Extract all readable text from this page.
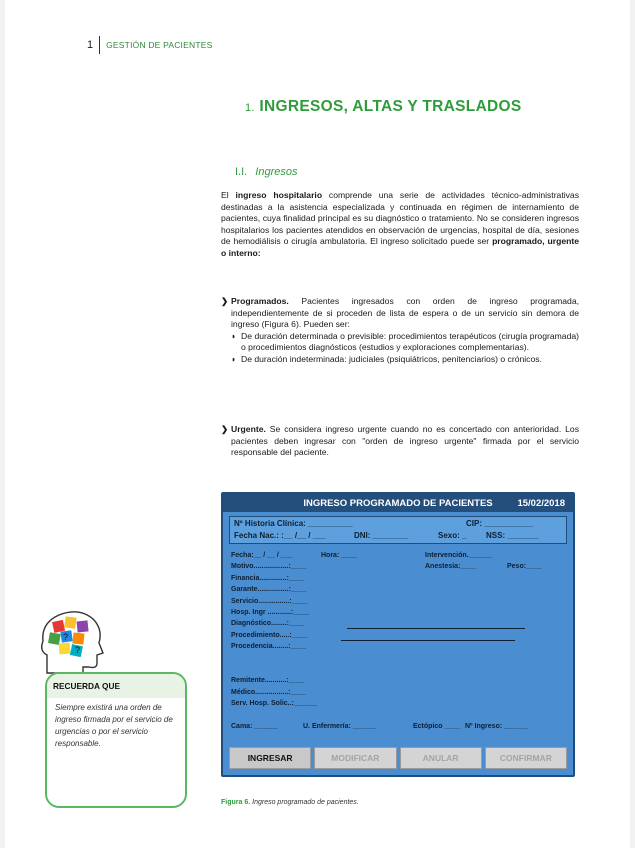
1 GESTIÓN DE PACIENTES
1. INGRESOS, ALTAS Y TRASLADOS
I.I. Ingresos
El ingreso hospitalario comprende una serie de actividades técnico-administrativas destinadas a la asistencia especializada y continuada en régimen de internamiento de pacientes, cuya finalidad principal es su diagnóstico o tratamiento. No se consideren ingresos hospitalarios los pacientes atendidos en observación de urgencias, hospital de día, sesiones de hemodiálisis o cirugía ambulatoria. El ingreso solicitado puede ser programado, urgente o interno:
❯ Programados. Pacientes ingresados con orden de ingreso programada, independientemente de si proceden de lista de espera o de un servicio sin demora de ingreso (Figura 6). Pueden ser:
◗ De duración determinada o previsible: procedimientos terapéuticos (cirugía programada) o procedimientos diagnósticos (estudios y exploraciones complementarias).
◗ De duración indeterminada: judiciales (psiquiátricos, penitenciarios) o crónicos.
❯ Urgente. Se considera ingreso urgente cuando no es concertado con anterioridad. Los pacientes deben ingresar con "orden de ingreso urgente" firmada por el servicio responsable del paciente.
?
?
RECUERDA QUE
Siempre existirá una orden de ingreso firmada por el servicio de urgencias o por el servicio responsable.
INGRESO PROGRAMADO DE PACIENTES	15/02/2018
Nº Historia Clínica: __________	CIP: ___________
Fecha Nac.: :__ /__ / ___	DNI: ________	Sexo: _ NSS: _______
Fecha:__ / __ / ___	Hora: ____	Intervención.______
Motivo..................:____	Anestesia:____	Peso:____
Financia..............:____
Garante................:____
Servicio................:____
Hosp. Ingr ............:____
Diagnóstico........:____
Procedimiento.....:____
Procedencia........:____
Remitente...........:____
Médico.................:____
Serv. Hosp. Solic..:______
Cama: ______	U. Enfermería: ______	Ectópico ____ Nº Ingreso: ______
INGRESAR	MODIFICAR	ANULAR	CONFIRMAR
Figura 6. Ingreso programado de pacientes.
